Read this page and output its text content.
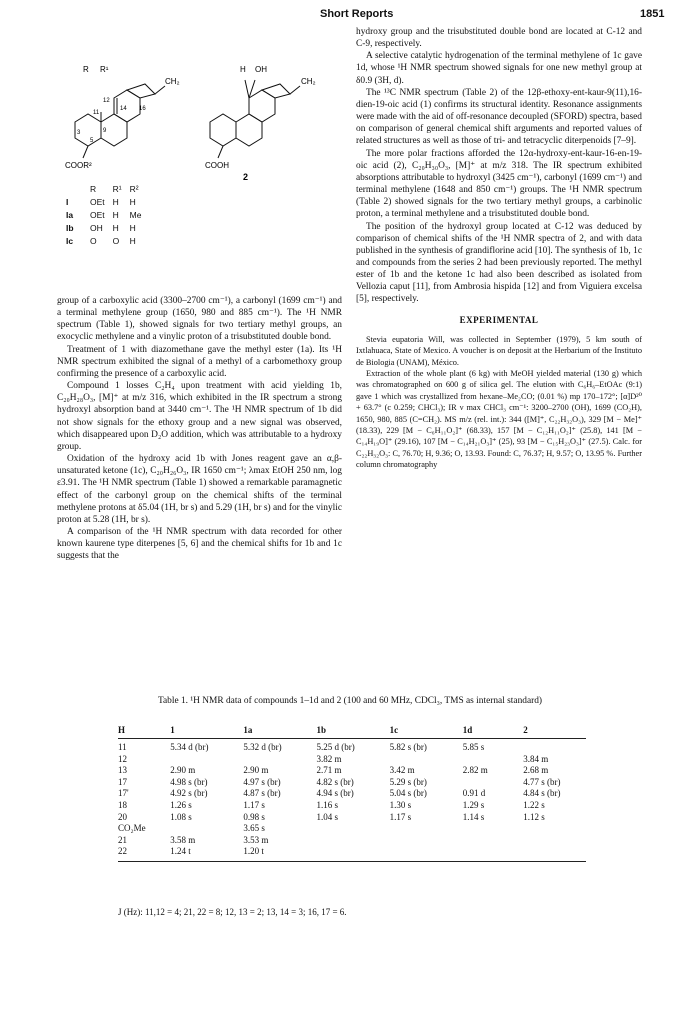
Short Reports	1851
R R¹
CH₂
12
14 16
11
9
3
5
COOR²
H OH
CH₂
COOH
2
	R	R¹	R²
I	OEt	H	H
Ia	OEt	H	Me
Ib	OH	H	H
Ic	O	O	H

group of a carboxylic acid (3300–2700 cm⁻¹), a carbonyl (1699 cm⁻¹) and a terminal methylene group (1650, 980 and 885 cm⁻¹). The ¹H NMR spectrum (Table 1), showed signals for two tertiary methyl groups, an exocyclic methylene and a vinylic proton of a trisubstituted double bond.

Treatment of 1 with diazomethane gave the methyl ester (1a). Its ¹H NMR spectrum exhibited the signal of a methyl of a carbomethoxy group confirming the presence of a carboxylic acid.

Compound 1 losses C₂H₄ upon treatment with acid yielding 1b, C₂₀H₂₈O₃, [M]⁺ at m/z 316, which exhibited in the IR spectrum a strong hydroxyl absorption band at 3440 cm⁻¹. The ¹H NMR spectrum of 1b did not show signals for the ethoxy group and a new signal was observed, which disappeared upon D₂O addition, which was attributable to a hydroxy group.

Oxidation of the hydroxy acid 1b with Jones reagent gave an α,β-unsaturated ketone (1c), C₂₀H₂₆O₃, IR 1650 cm⁻¹; λmax EtOH 250 nm, log ε3.91. The ¹H NMR spectrum (Table 1) showed a remarkable paramagnetic effect of the carbonyl group on the chemical shifts of the terminal methylene protons at δ5.04 (1H, br s) and 5.29 (1H, br s) and for the vinylic proton at 5.28 (1H, br s).

A comparison of the ¹H NMR spectrum with data recorded for other known kaurene type diterpenes [5, 6] and the chemical shifts for 1b and 1c suggests that the

hydroxy group and the trisubstituted double bond are located at C-12 and C-9, respectively.

A selective catalytic hydrogenation of the terminal methylene of 1c gave 1d, whose ¹H NMR spectrum showed signals for one new methyl group at δ0.9 (3H, d).

The ¹³C NMR spectrum (Table 2) of the 12β-ethoxy-ent-kaur-9(11),16-dien-19-oic acid (1) confirms its structural identity. Resonance assignments were made with the aid of off-resonance decoupled (SFORD) spectra, based on comparison of general chemical shift arguments and reported values of related structures as well as those of tri- and tetracyclic diterpenoids [7–9].

The more polar fractions afforded the 12α-hydroxy-ent-kaur-16-en-19-oic acid (2), C₂₀H₃₀O₃, [M]⁺ at m/z 318. The IR spectrum exhibited absorptions attributable to hydroxyl (3425 cm⁻¹), carbonyl (1699 cm⁻¹) and terminal methylene (1648 and 850 cm⁻¹) groups. The ¹H NMR spectrum (Table 2) showed signals for the two tertiary methyl groups, a carbinolic proton, a terminal methylene and a trisubstituted double bond.

The position of the hydroxyl group located at C-12 was deduced by comparison of chemical shifts of the ¹H NMR spectra of 2, and with data published in the synthesis of grandiflorine acid [10]. The synthesis of 1b, 1c and compounds from the series 2 had been previously reported. The methyl ester of 1b and the ketone 1c had also been described as isolated from Vellozia caput [11], from Ambrosia hispida [12] and from Viguiera excelsa [5], respectively.

EXPERIMENTAL

Stevia eupatoria Will, was collected in September (1979), 5 km south of Ixtlahuaca, State of Mexico. A voucher is on deposit at the Herbarium of the Instituto de Biologia (UNAM), México.

Extraction of the whole plant (6 kg) with MeOH yielded material (130 g) which was chromatographed on 600 g of silica gel. The elution with C₆H₆–EtOAc (9:1) gave 1 which was crystallized from hexane–Me₂CO; (0.01 %) mp 170–172°; [α]D²⁰ + 63.7° (c 0.259; CHCl₃); IR ν max CHCl₃ cm⁻¹: 3200–2700 (OH), 1699 (CO₂H), 1650, 980, 885 (C=CH₂). MS m/z (rel. int.): 344 ([M]⁺, C₂₂H₃₂O₃), 329 [M − Me]⁺ (18.33), 229 [M − C₆H₁₁O₂]⁺ (68.33), 157 [M − C₁₂H₁₁O₂]⁺ (25.8), 141 [M − C₁₄H₁₉O]⁺ (29.16), 107 [M − C₁₄H₂₁O₃]⁺ (25), 93 [M − C₁₅H₂₃O₃]⁺ (27.5). Calc. for C₂₂H₃₂O₃: C, 76.70; H, 9.36; O, 13.93. Found: C, 76.37; H, 9.57; O, 13.95 %. Further column chromatography

Table 1. ¹H NMR data of compounds 1–1d and 2 (100 and 60 MHz, CDCl₃, TMS as internal standard)
H	1	1a	1b	1c	1d	2
11	5.34 d (br)	5.32 d (br)	5.25 d (br)	5.82 s (br)	5.85 s	
12			3.82 m			3.84 m
13	2.90 m	2.90 m	2.71 m	3.42 m	2.82 m	2.68 m
17	4.98 s (br)	4.97 s (br)	4.82 s (br)	5.29 s (br)		4.77 s (br)
17'	4.92 s (br)	4.87 s (br)	4.94 s (br)	5.04 s (br)	0.91 d	4.84 s (br)
18	1.26 s	1.17 s	1.16 s	1.30 s	1.29 s	1.22 s
20	1.08 s	0.98 s	1.04 s	1.17 s	1.14 s	1.12 s
CO₂Me		3.65 s				
21	3.58 m	3.53 m				
22	1.24 t	1.20 t				
J (Hz): 11,12 = 4; 21, 22 = 8; 12, 13 = 2; 13, 14 = 3; 16, 17 = 6.
